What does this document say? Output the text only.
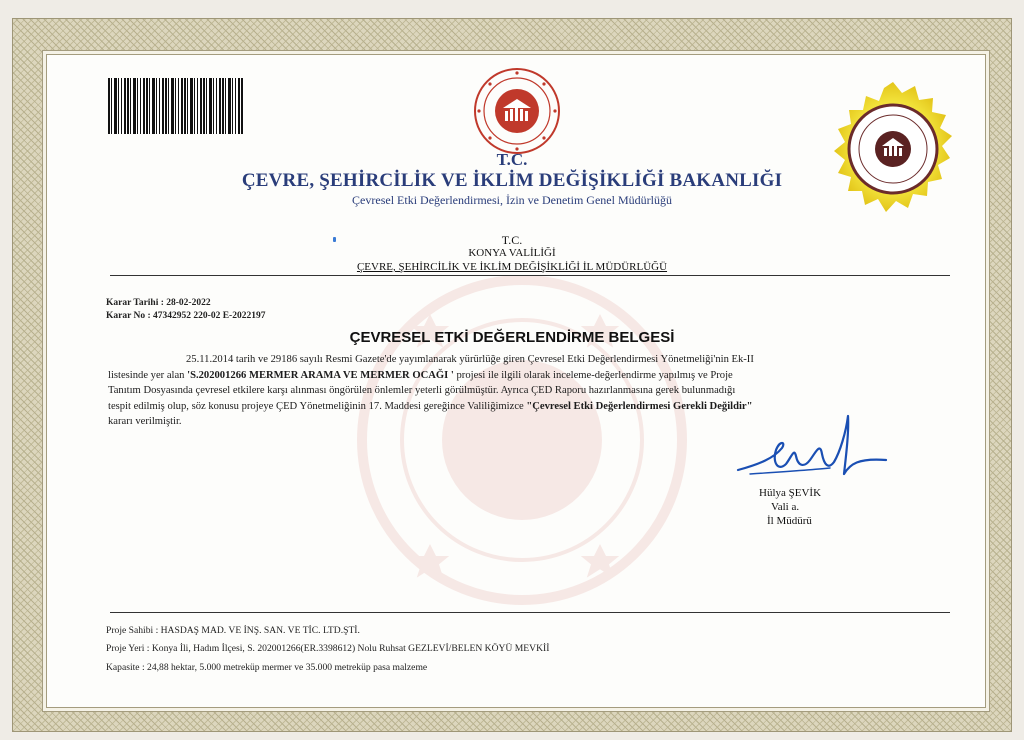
T.C.
ÇEVRE, ŞEHİRCİLİK VE İKLİM DEĞİŞİKLİĞİ BAKANLIĞI
Çevresel Etki Değerlendirmesi, İzin ve Denetim Genel Müdürlüğü
T.C.
KONYA VALİLİĞİ
ÇEVRE, ŞEHİRCİLİK VE İKLİM DEĞİŞİKLİĞİ İL MÜDÜRLÜĞÜ
Karar Tarihi : 28-02-2022
Karar No : 47342952 220-02 E-2022197
ÇEVRESEL ETKİ DEĞERLENDİRME BELGESİ
25.11.2014 tarih ve 29186 sayılı Resmi Gazete'de yayımlanarak yürürlüğe giren Çevresel Etki Değerlendirmesi Yönetmeliği'nin Ek-II
listesinde yer alan 'S.202001266 MERMER ARAMA VE MERMER OCAĞI ' projesi ile ilgili olarak inceleme-değerlendirme yapılmış ve Proje
Tanıtım Dosyasında çevresel etkilere karşı alınması öngörülen önlemler yeterli görülmüştür. Ayrıca ÇED Raporu hazırlanmasına gerek bulunmadığı
tespit edilmiş olup, söz konusu projeye ÇED Yönetmeliğinin 17. Maddesi gereğince Valiliğimizce "Çevresel Etki Değerlendirmesi Gerekli Değildir"
kararı verilmiştir.
Hülya ŞEVİK
Vali a.
İl Müdürü
Proje Sahibi : HASDAŞ MAD. VE İNŞ. SAN. VE TİC. LTD.ŞTİ.
Proje Yeri : Konya İli, Hadım İlçesi, S. 202001266(ER.3398612) Nolu Ruhsat GEZLEVİ/BELEN KÖYÜ MEVKİİ
Kapasite : 24,88 hektar, 5.000 metreküp mermer ve 35.000 metreküp pasa malzeme
